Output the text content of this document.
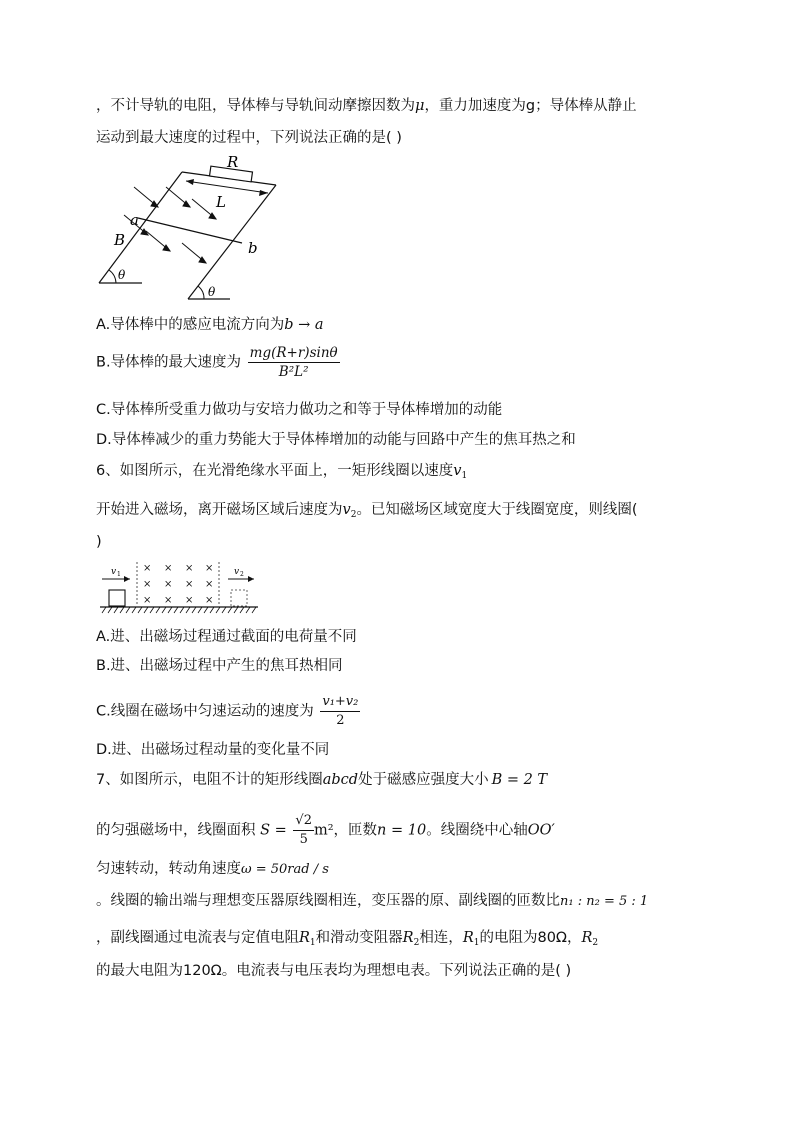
，不计导轨的电阻，导体棒与导轨间动摩擦因数为μ，重力加速度为g；导体棒从静止
运动到最大速度的过程中，下列说法正确的是( )
R
L
a
b
B
θ
θ
A.导体棒中的感应电流方向为b → a
B.导体棒的最大速度为 $\frac{mg(R+r)\sin\theta}{\text{B²L²}}$
C.导体棒所受重力做功与安培力做功之和等于导体棒增加的动能
D.导体棒减少的重力势能大于导体棒增加的动能与回路中产生的焦耳热之和
6、如图所示，在光滑绝缘水平面上，一矩形线圈以速度$v_1$
开始进入磁场，离开磁场区域后速度为$v_2$。已知磁场区域宽度大于线圈宽度，则线圈(
)
v 1
× × × ×
× × × ×
× × × ×
v 2
A.进、出磁场过程通过截面的电荷量不同
B.进、出磁场过程中产生的焦耳热相同
C.线圈在磁场中匀速运动的速度为 $\frac{\text{v₁+v₂}}{2}$
D.进、出磁场过程动量的变化量不同
7、如图所示，电阻不计的矩形线圈abcd处于磁感应强度大小 B = 2 T
的匀强磁场中，线圈面积 $S = \frac{√2}{5} m^2$，匝数n = 10。线圈绕中心轴OO′
匀速转动，转动角速度ω = 50rad / s
。线圈的输出端与理想变压器原线圈相连，变压器的原、副线圈的匝数比n₁ : n₂ = 5 : 1
，副线圈通过电流表与定值电阻$R_1$和滑动变阻器$R_2$相连，$R_1$的电阻为80Ω，$R_2$
的最大电阻为120Ω。电流表与电压表均为理想电表。下列说法正确的是( )
